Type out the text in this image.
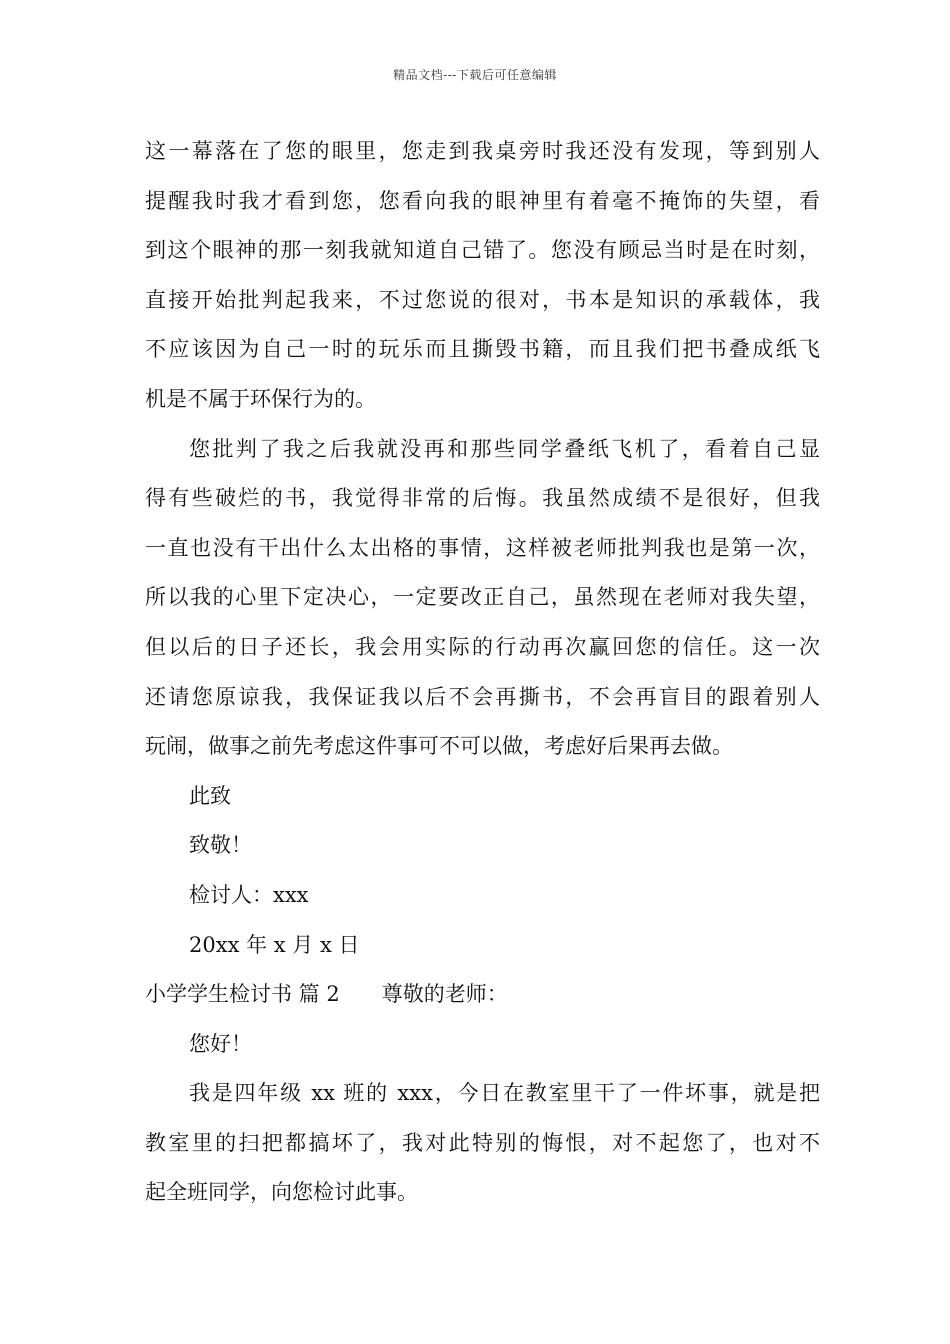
精品文档---下载后可任意编辑
这一幕落在了您的眼里，您走到我桌旁时我还没有发现，等到别人
提醒我时我才看到您，您看向我的眼神里有着毫不掩饰的失望，看
到这个眼神的那一刻我就知道自己错了。您没有顾忌当时是在时刻，
直接开始批判起我来，不过您说的很对，书本是知识的承载体，我
不应该因为自己一时的玩乐而且撕毁书籍，而且我们把书叠成纸飞
机是不属于环保行为的。
您批判了我之后我就没再和那些同学叠纸飞机了，看着自己显
得有些破烂的书，我觉得非常的后悔。我虽然成绩不是很好，但我
一直也没有干出什么太出格的事情，这样被老师批判我也是第一次，
所以我的心里下定决心，一定要改正自己，虽然现在老师对我失望，
但以后的日子还长，我会用实际的行动再次赢回您的信任。这一次
还请您原谅我，我保证我以后不会再撕书，不会再盲目的跟着别人
玩闹，做事之前先考虑这件事可不可以做，考虑好后果再去做。
此致
致敬！
检讨人：xxx
20xx 年 x 月 x 日
小学学生检讨书 篇 2 尊敬的老师：
您好！
我是四年级 xx 班的 xxx，今日在教室里干了一件坏事，就是把
教室里的扫把都搞坏了，我对此特别的悔恨，对不起您了，也对不
起全班同学，向您检讨此事。
